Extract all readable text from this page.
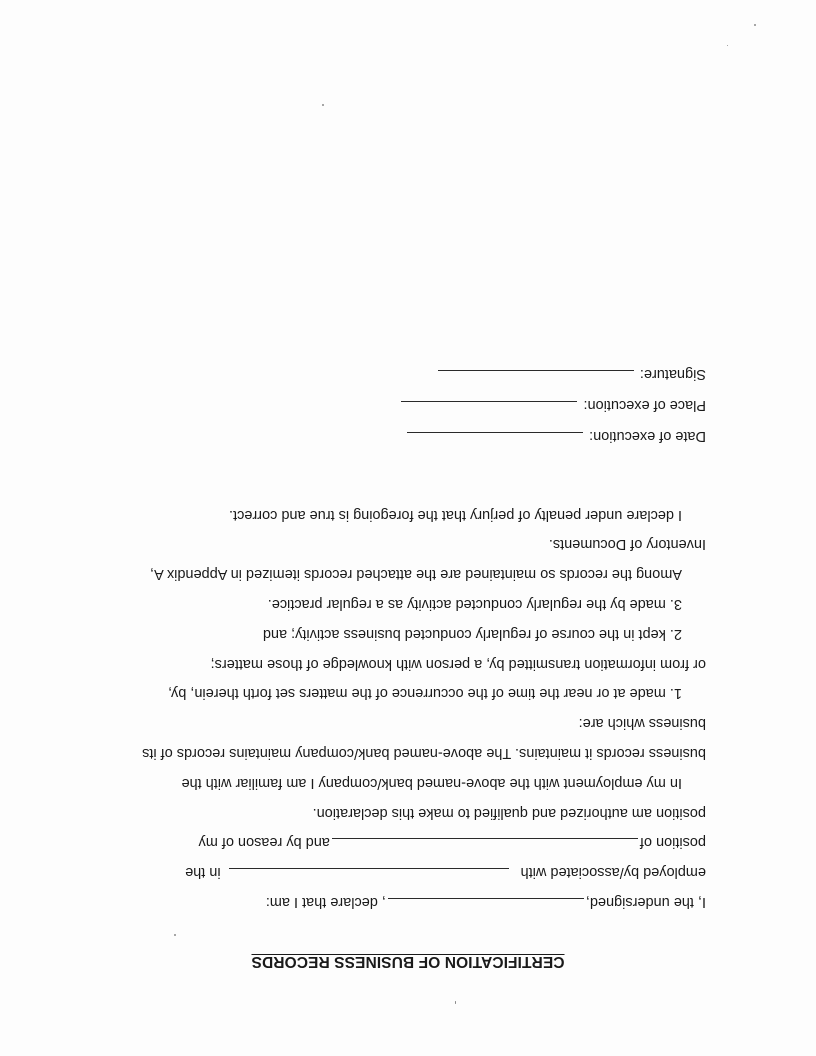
CERTIFICATION OF BUSINESS RECORDS
I, the undersigned,, declare that I am:
employed by/associated within the
position ofand by reason of my
position am authorized and qualified to make this declaration.
In my employment with the above-named bank/company I am familiar with the
business records it maintains. The above-named bank/company maintains records of its
business which are:
1. made at or near the time of the occurrence of the matters set forth therein, by,
or from information transmitted by, a person with knowledge of those matters;
2. kept in the course of regularly conducted business activity; and
3. made by the regularly conducted activity as a regular practice.
Among the records so maintained are the attached records itemized in Appendix A,
Inventory of Documents.
I declare under penalty of perjury that the foregoing is true and correct.
Date of execution:
Place of execution:
Signature:
